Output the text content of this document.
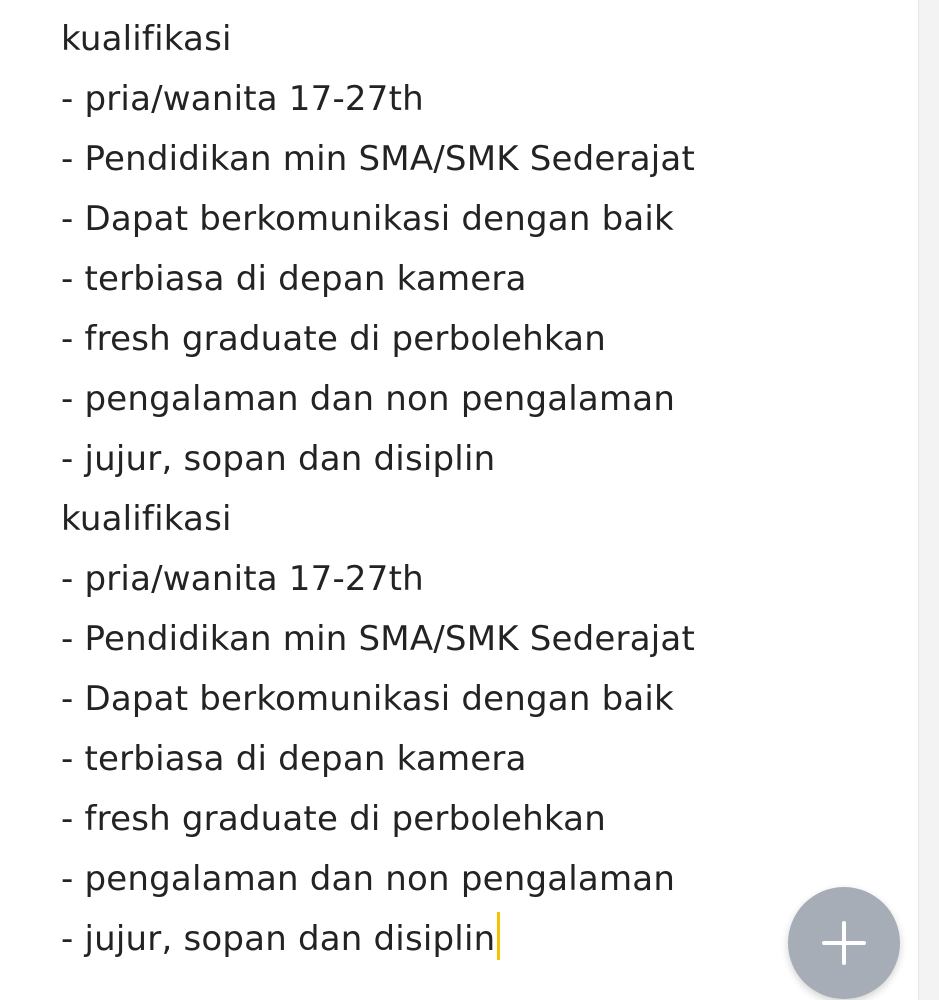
kualifikasi
- pria/wanita 17-27th
- Pendidikan min SMA/SMK Sederajat
- Dapat berkomunikasi dengan baik
- terbiasa di depan kamera
- fresh graduate di perbolehkan
- pengalaman dan non pengalaman
- jujur, sopan dan disiplin
kualifikasi
- pria/wanita 17-27th
- Pendidikan min SMA/SMK Sederajat
- Dapat berkomunikasi dengan baik
- terbiasa di depan kamera
- fresh graduate di perbolehkan
- pengalaman dan non pengalaman
- jujur, sopan dan disiplin
